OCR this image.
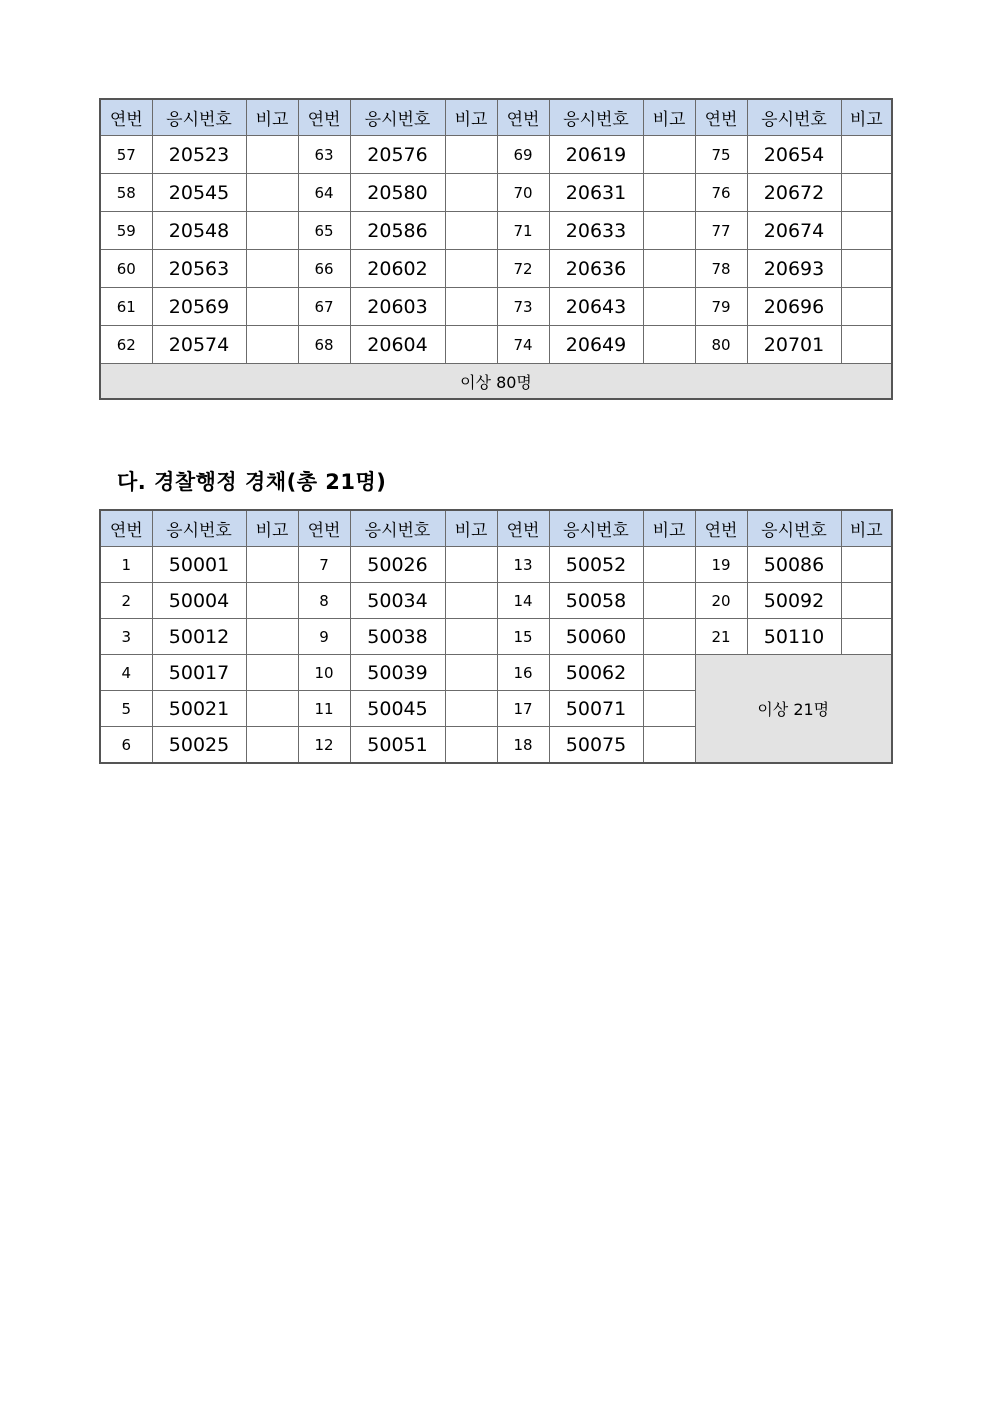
연번	응시번호	비고	연번	응시번호	비고	연번	응시번호	비고	연번	응시번호	비고
57	20523		63	20576		69	20619		75	20654	
58	20545		64	20580		70	20631		76	20672	
59	20548		65	20586		71	20633		77	20674	
60	20563		66	20602		72	20636		78	20693	
61	20569		67	20603		73	20643		79	20696	
62	20574		68	20604		74	20649		80	20701	
이상 80명											
다. 경찰행정 경채(총 21명)
연번	응시번호	비고	연번	응시번호	비고	연번	응시번호	비고	연번	응시번호	비고
1	50001		7	50026		13	50052		19	50086	
2	50004		8	50034		14	50058		20	50092	
3	50012		9	50038		15	50060		21	50110	
4	50017		10	50039		16	50062		이상 21명		
5	50021		11	50045		17	50071				
6	50025		12	50051		18	50075				
